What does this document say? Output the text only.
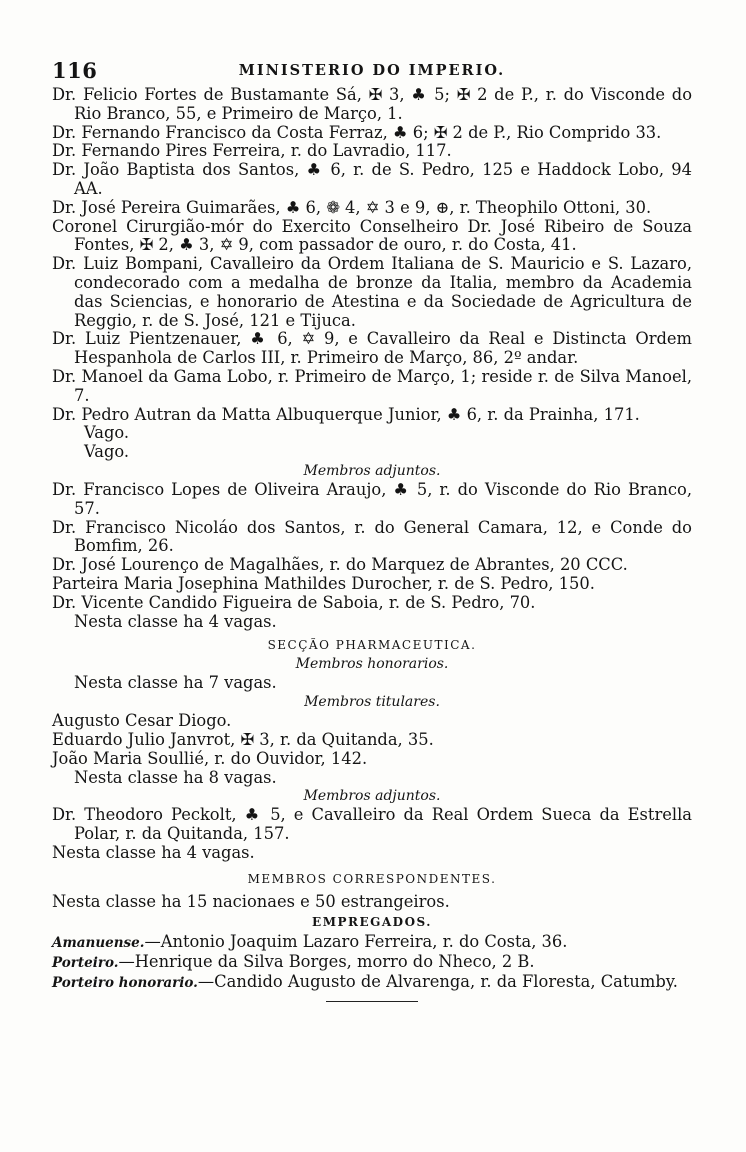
116	MINISTERIO DO IMPERIO.

Dr. Felicio Fortes de Bustamante Sá, ✠ 3, ♣ 5; ✠ 2 de P., r. do Visconde do Rio Branco, 55, e Primeiro de Março, 1.

Dr. Fernando Francisco da Costa Ferraz, ♣ 6; ✠ 2 de P., Rio Comprido 33.

Dr. Fernando Pires Ferreira, r. do Lavradio, 117.

Dr. João Baptista dos Santos, ♣ 6, r. de S. Pedro, 125 e Haddock Lobo, 94 AA.

Dr. José Pereira Guimarães, ♣ 6, ❁ 4, ✡ 3 e 9, ⊕, r. Theophilo Ottoni, 30.

Coronel Cirurgião-mór do Exercito Conselheiro Dr. José Ribeiro de Souza Fontes, ✠ 2, ♣ 3, ✡ 9, com passador de ouro, r. do Costa, 41.

Dr. Luiz Bompani, Cavalleiro da Ordem Italiana de S. Mauricio e S. Lazaro, condecorado com a medalha de bronze da Italia, membro da Academia das Sciencias, e honorario de Atestina e da Sociedade de Agricultura de Reggio, r. de S. José, 121 e Tijuca.

Dr. Luiz Pientzenauer, ♣ 6, ✡ 9, e Cavalleiro da Real e Distincta Ordem Hespanhola de Carlos III, r. Primeiro de Março, 86, 2º andar.

Dr. Manoel da Gama Lobo, r. Primeiro de Março, 1; reside r. de Silva Manoel, 7.

Dr. Pedro Autran da Matta Albuquerque Junior, ♣ 6, r. da Prainha, 171.

Vago.

Vago.

Membros adjuntos.

Dr. Francisco Lopes de Oliveira Araujo, ♣ 5, r. do Visconde do Rio Branco, 57.

Dr. Francisco Nicoláo dos Santos, r. do General Camara, 12, e Conde do Bomfim, 26.

Dr. José Lourenço de Magalhães, r. do Marquez de Abrantes, 20 CCC.

Parteira Maria Josephina Mathildes Durocher, r. de S. Pedro, 150.

Dr. Vicente Candido Figueira de Saboia, r. de S. Pedro, 70.

Nesta classe ha 4 vagas.

SECÇÃO PHARMACEUTICA.
Membros honorarios.

Nesta classe ha 7 vagas.

Membros titulares.

Augusto Cesar Diogo.

Eduardo Julio Janvrot, ✠ 3, r. da Quitanda, 35.

João Maria Soullié, r. do Ouvidor, 142.

Nesta classe ha 8 vagas.

Membros adjuntos.

Dr. Theodoro Peckolt, ♣ 5, e Cavalleiro da Real Ordem Sueca da Estrella Polar, r. da Quitanda, 157.

Nesta classe ha 4 vagas.

MEMBROS CORRESPONDENTES.

Nesta classe ha 15 nacionaes e 50 estrangeiros.

EMPREGADOS.

Amanuense.—Antonio Joaquim Lazaro Ferreira, r. do Costa, 36.

Porteiro.—Henrique da Silva Borges, morro do Nheco, 2 B.

Porteiro honorario.—Candido Augusto de Alvarenga, r. da Floresta, Catumby.
